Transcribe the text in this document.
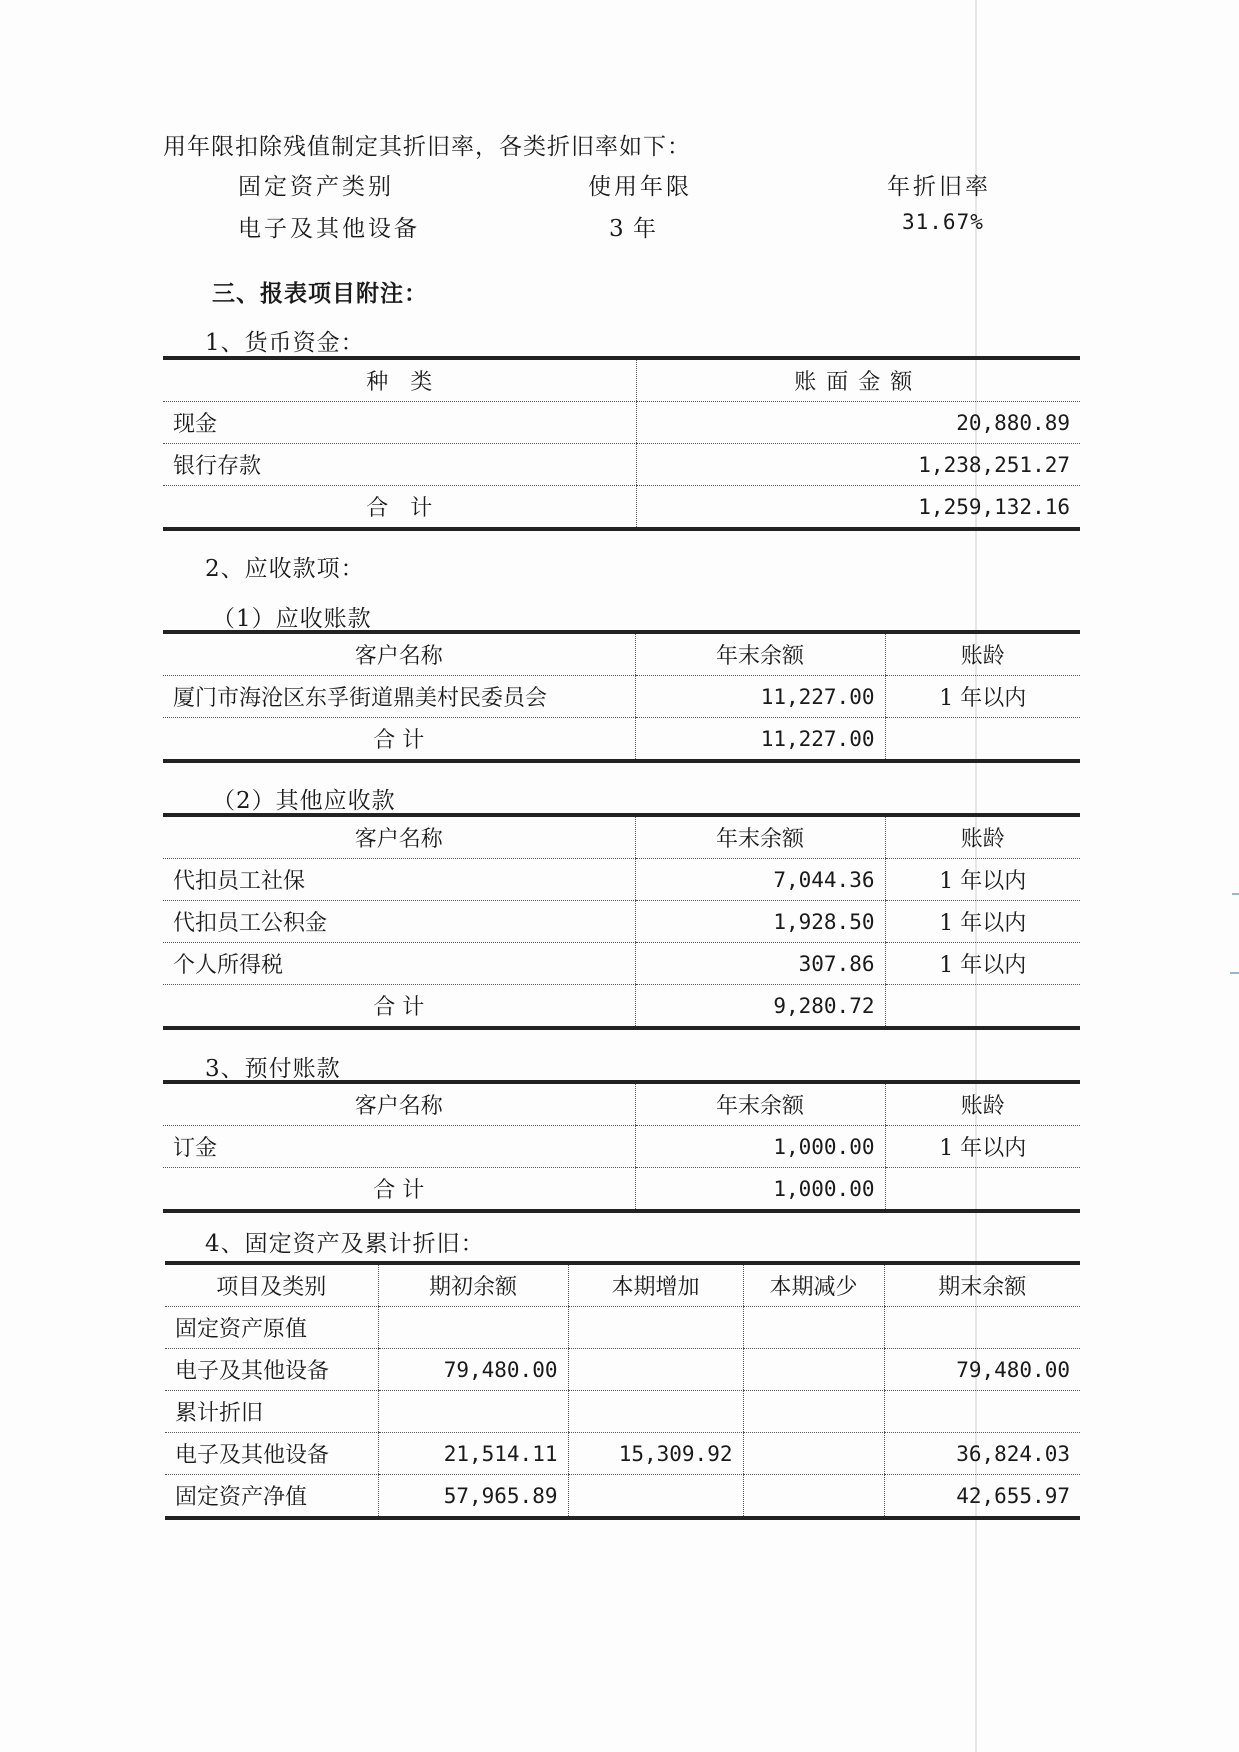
用年限扣除残值制定其折旧率，各类折旧率如下：
固定资产类别	使用年限	年折旧率
电子及其他设备	3 年	31.67%
三、报表项目附注：
1、货币资金：
种　类	账面金额
现金	20,880.89
银行存款	1,238,251.27
合　计	1,259,132.16
2、应收款项：
（1）应收账款
客户名称	年末余额	账龄
厦门市海沧区东孚街道鼎美村民委员会	11,227.00	1 年以内
合 计	11,227.00	
（2）其他应收款
客户名称	年末余额	账龄
代扣员工社保	7,044.36	1 年以内
代扣员工公积金	1,928.50	1 年以内
个人所得税	307.86	1 年以内
合 计	9,280.72	
3、预付账款
客户名称	年末余额	账龄
订金	1,000.00	1 年以内
合 计	1,000.00	
4、固定资产及累计折旧：
项目及类别	期初余额	本期增加	本期减少	期末余额
固定资产原值				
电子及其他设备	79,480.00			79,480.00
累计折旧				
电子及其他设备	21,514.11	15,309.92		36,824.03
固定资产净值	57,965.89			42,655.97
